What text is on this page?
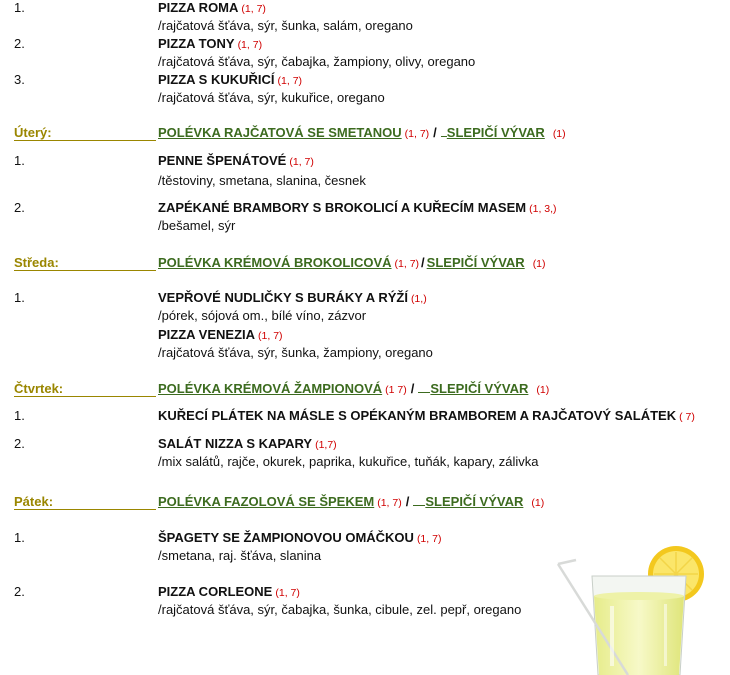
1.	PIZZA ROMA (1, 7)
/rajčatová šťáva, sýr, šunka, salám, oregano
2.	PIZZA TONY (1, 7)
/rajčatová šťáva, sýr, čabajka, žampiony, olivy, oregano
3.	PIZZA S KUKUŘICÍ (1, 7)
/rajčatová šťáva, sýr, kukuřice, oregano
Úterý:	POLÉVKA RAJČATOVÁ SE SMETANOU (1, 7) / SLEPIČÍ VÝVAR (1)
1.	PENNE ŠPENÁTOVÉ (1, 7)
/těstoviny, smetana, slanina, česnek
2.	ZAPÉKANÉ BRAMBORY S BROKOLICÍ A KUŘECÍM MASEM (1, 3,)
/bešamel, sýr
Středa:	POLÉVKA KRÉMOVÁ BROKOLICOVÁ (1, 7) / SLEPIČÍ VÝVAR (1)
1.	VEPŘOVÉ NUDLIČKY S BURÁKY A RÝŽÍ (1,)
/pórek, sójová om., bílé víno, zázvor
PIZZA VENEZIA (1, 7)
/rajčatová šťáva, sýr, šunka, žampiony, oregano
Čtvrtek:	POLÉVKA KRÉMOVÁ ŽAMPIONOVÁ (1 7) / SLEPIČÍ VÝVAR (1)
1.	KUŘECÍ PLÁTEK NA MÁSLE S OPÉKANÝM BRAMBOREM A RAJČATOVÝ SALÁTEK ( 7)
2.	SALÁT NIZZA S KAPARY (1,7)
/mix salátů, rajče, okurek, paprika, kukuřice, tuňák, kapary, zálivka
Pátek:	POLÉVKA FAZOLOVÁ SE ŠPEKEM (1, 7) / SLEPIČÍ VÝVAR (1)
1.	ŠPAGETY SE ŽAMPIONOVOU OMÁČKOU (1, 7)
/smetana, raj. šťáva, slanina
2.	PIZZA CORLEONE (1, 7)
/rajčatová šťáva, sýr, čabajka, šunka, cibule, zel. pepř, oregano
